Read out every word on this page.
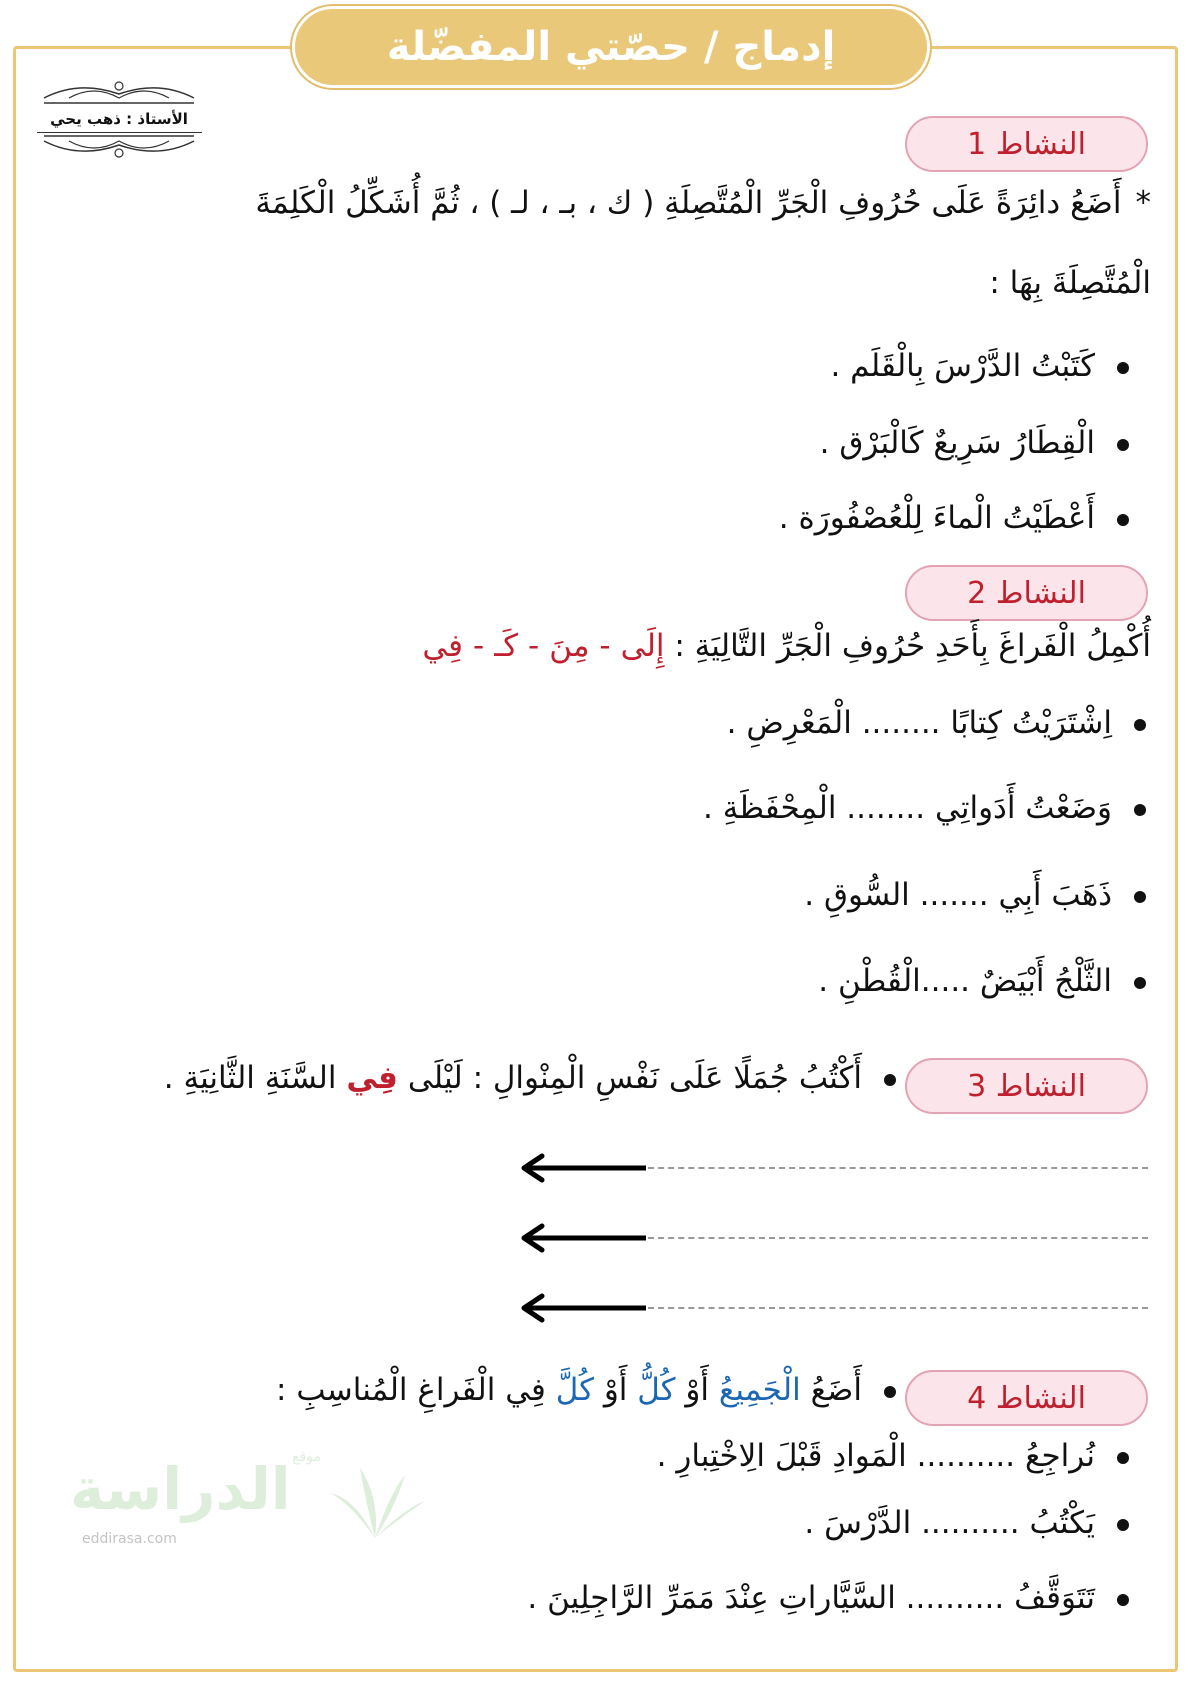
إدماج / حصّتي المفضّلة
الأستاذ : ذهب يحي
النشاط 1
*أَضَعُ دائِرَةً عَلَى حُرُوفِ الْجَرِّ الْمُتَّصِلَةِ ( ك ، بـ ، لـ ) ، ثُمَّ أُشَكِّلُ الْكَلِمَةَ
الْمُتَّصِلَةَ بِهَا :
كَتَبْتُ الدَّرْسَ بِالْقَلَم .
الْقِطَارُ سَرِيعٌ كَالْبَرْق .
أَعْطَيْتُ الْماءَ لِلْعُصْفُورَة .
النشاط 2
أُكْمِلُ الْفَراغَ بِأَحَدِ حُرُوفِ الْجَرِّ التَّالِيَةِ : إِلَى-مِنَ-كَـ-فِي
اِشْتَرَيْتُ كِتابًا ........ الْمَعْرِضِ .
وَضَعْتُ أَدَواتِي ........ الْمِحْفَظَةِ .
ذَهَبَ أَبِي ....... السُّوقِ .
الثَّلْجُ أَبْيَضٌ .....الْقُطْنِ .
النشاط 3
أَكْتُبُ جُمَلًا عَلَى نَفْسِ الْمِنْوالِ : لَيْلَى فِي السَّنَةِ الثَّانِيَةِ .
النشاط 4
أَضَعُ الْجَمِيعُ أَوْ كُلُّ أَوْ كُلَّ فِي الْفَراغِ الْمُناسِبِ :
نُراجِعُ .......... الْمَوادِ قَبْلَ الِاخْتِبارِ .
يَكْتُبُ .......... الدَّرْسَ .
تَتَوَقَّفُ .......... السَّيَّاراتِ عِنْدَ مَمَرِّ الرَّاجِلِينَ .
الدراسة موقع
eddirasa.com
